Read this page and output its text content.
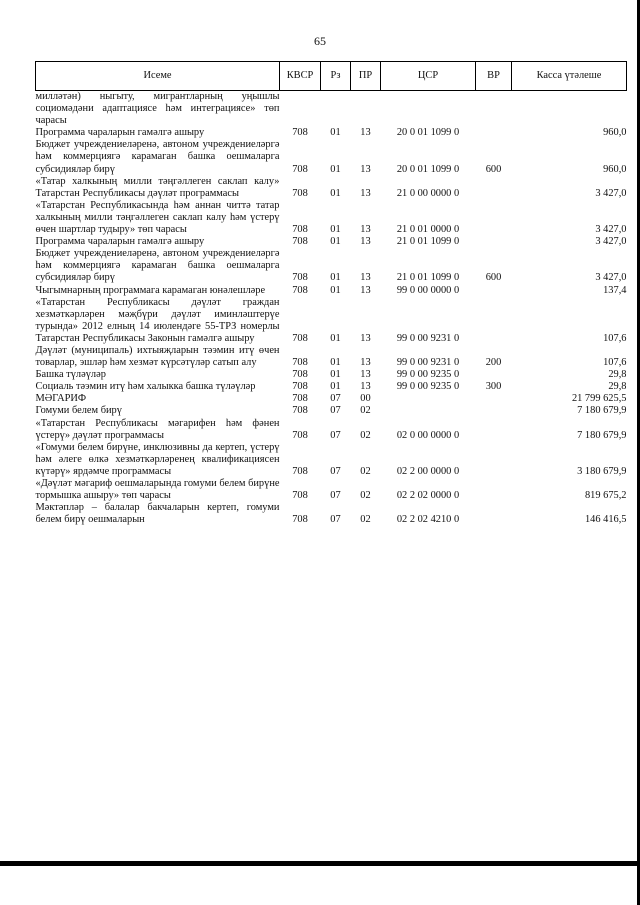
65
Исеме	КВСР	Рз	ПР	ЦСР	ВР	Касса үтәлеше
милләтән) ныгыту, мигрантларның уңышлы социомәдәни адаптациясе һәм интеграциясе» төп чарасы						
Программа чараларын гамәлгә ашыру	708	01	13	20 0 01 1099 0		960,0
Бюджет учреждениеләренә, автоном учреждениеләргә һәм коммерциягә карамаган башка оешмаларга субсидияләр бирү	708	01	13	20 0 01 1099 0	600	960,0
«Татар халкының милли тәңгәллеген саклап калу» Татарстан Республикасы дәүләт программасы	708	01	13	21 0 00 0000 0		3 427,0
«Татарстан Республикасында һәм аннан читтә татар халкының милли тәңгәллеген саклап калу һәм үстерү өчен шартлар тудыру» төп чарасы	708	01	13	21 0 01 0000 0		3 427,0
Программа чараларын гамәлгә ашыру	708	01	13	21 0 01 1099 0		3 427,0
Бюджет учреждениеләренә, автоном учреждениеләргә һәм коммерциягә карамаган башка оешмаларга субсидияләр бирү	708	01	13	21 0 01 1099 0	600	3 427,0
Чыгымнарның программага карамаган юнәлешләре	708	01	13	99 0 00 0000 0		137,4
«Татарстан Республикасы дәүләт граждан хезмәткәрләрен мәҗбүри дәүләт иминләштерүе турында» 2012 елның 14 июлендәге 55-ТРЗ номерлы Татарстан Республикасы Законын гамәлгә ашыру	708	01	13	99 0 00 9231 0		107,6
Дәүләт (муниципаль) ихтыяҗларын тәэмин итү өчен товарлар, эшләр һәм хезмәт күрсәтүләр сатып алу	708	01	13	99 0 00 9231 0	200	107,6
Башка түләүләр	708	01	13	99 0 00 9235 0		29,8
Социаль тәэмин итү һәм халыкка башка түләүләр	708	01	13	99 0 00 9235 0	300	29,8
МӘГАРИФ	708	07	00			21 799 625,5
Гомуми белем бирү	708	07	02			7 180 679,9
«Татарстан Республикасы мәгарифен һәм фәнен үстерү» дәүләт программасы	708	07	02	02 0 00 0000 0		7 180 679,9
«Гомуми белем бирүне, инклюзивны да кертеп, үстерү һәм әлеге өлкә хезмәткәрләренең квалификациясен күтәрү» ярдәмче программасы	708	07	02	02 2 00 0000 0		3 180 679,9
«Дәүләт мәгариф оешмаларында гомуми белем бирүне тормышка ашыру» төп чарасы	708	07	02	02 2 02 0000 0		819 675,2
Мәктәпләр – балалар бакчаларын кертеп, гомуми белем бирү оешмаларын	708	07	02	02 2 02 4210 0		146 416,5
